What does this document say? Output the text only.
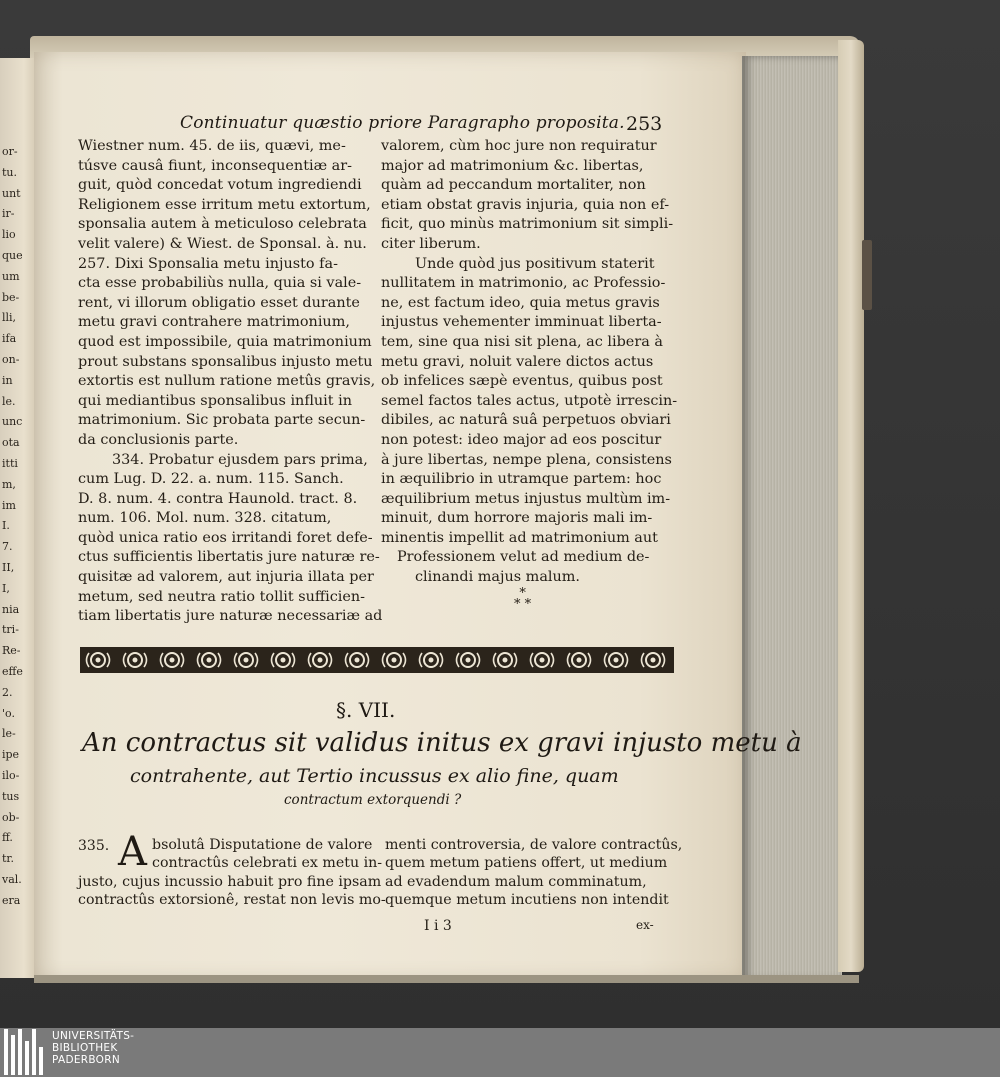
or-
tu.
unt
ir-
lio
que
um
be-
lli,
ifa
on-
in
le.
unc
ota
itti
m,
im
I.
7.
II,
I,
nia
tri-
Re-
effe
2.
'o.
le-
ipe
ilo-
tus
ob-
ff.
tr.
val.
era
Continuatur quæstio priore Paragrapho proposita. 253

Wiestner num. 45. de iis, quævi, me-

túsve causâ fiunt, inconsequentiæ ar-

guit, quòd concedat votum ingrediendi

Religionem esse irritum metu extortum,

sponsalia autem à meticuloso celebrata

velit valere) & Wiest. de Sponsal. à. nu.

257. Dixi Sponsalia metu injusto fa-

cta esse probabiliùs nulla, quia si vale-

rent, vi illorum obligatio esset durante

metu gravi contrahere matrimonium,

quod est impossibile, quia matrimonium

prout substans sponsalibus injusto metu

extortis est nullum ratione metûs gravis,

qui mediantibus sponsalibus influit in

matrimonium. Sic probata parte secun-

da conclusionis parte.

334. Probatur ejusdem pars prima,

cum Lug. D. 22. a. num. 115. Sanch.

D. 8. num. 4. contra Haunold. tract. 8.

num. 106. Mol. num. 328. citatum,

quòd unica ratio eos irritandi foret defe-

ctus sufficientis libertatis jure naturæ re-

quisitæ ad valorem, aut injuria illata per

metum, sed neutra ratio tollit sufficien-

tiam libertatis jure naturæ necessariæ ad

valorem, cùm hoc jure non requiratur

major ad matrimonium &c. libertas,

quàm ad peccandum mortaliter, non

etiam obstat gravis injuria, quia non ef-

ficit, quo minùs matrimonium sit simpli-

citer liberum.

Unde quòd jus positivum staterit

nullitatem in matrimonio, ac Professio-

ne, est factum ideo, quia metus gravis

injustus vehementer imminuat liberta-

tem, sine qua nisi sit plena, ac libera à

metu gravi, noluit valere dictos actus

ob infelices sæpè eventus, quibus post

semel factos tales actus, utpotè irrescin-

dibiles, ac naturâ suâ perpetuos obviari

non potest: ideo major ad eos poscitur

à jure libertas, nempe plena, consistens

in æquilibrio in utramque partem: hoc

æquilibrium metus injustus multùm im-

minuit, dum horrore majoris mali im-

minentis impellit ad matrimonium aut

Professionem velut ad medium de-

clinandi majus malum.

*
* *
§. VII.
An contractus sit validus initus ex gravi injusto metu à
contrahente, aut Tertio incussus ex alio fine, quam
contractum extorquendi ?
335. A bsolutâ Disputatione de valore

contractûs celebrati ex metu in-

justo, cujus incussio habuit pro fine ipsam

contractûs extorsionê, restat non levis mo-

menti controversia, de valore contractûs,

quem metum patiens offert, ut medium

ad evadendum malum comminatum,

quemque metum incutiens non intendit

I i 3	ex-
UNIVERSITÄTS-
BIBLIOTHEK
PADERBORN
